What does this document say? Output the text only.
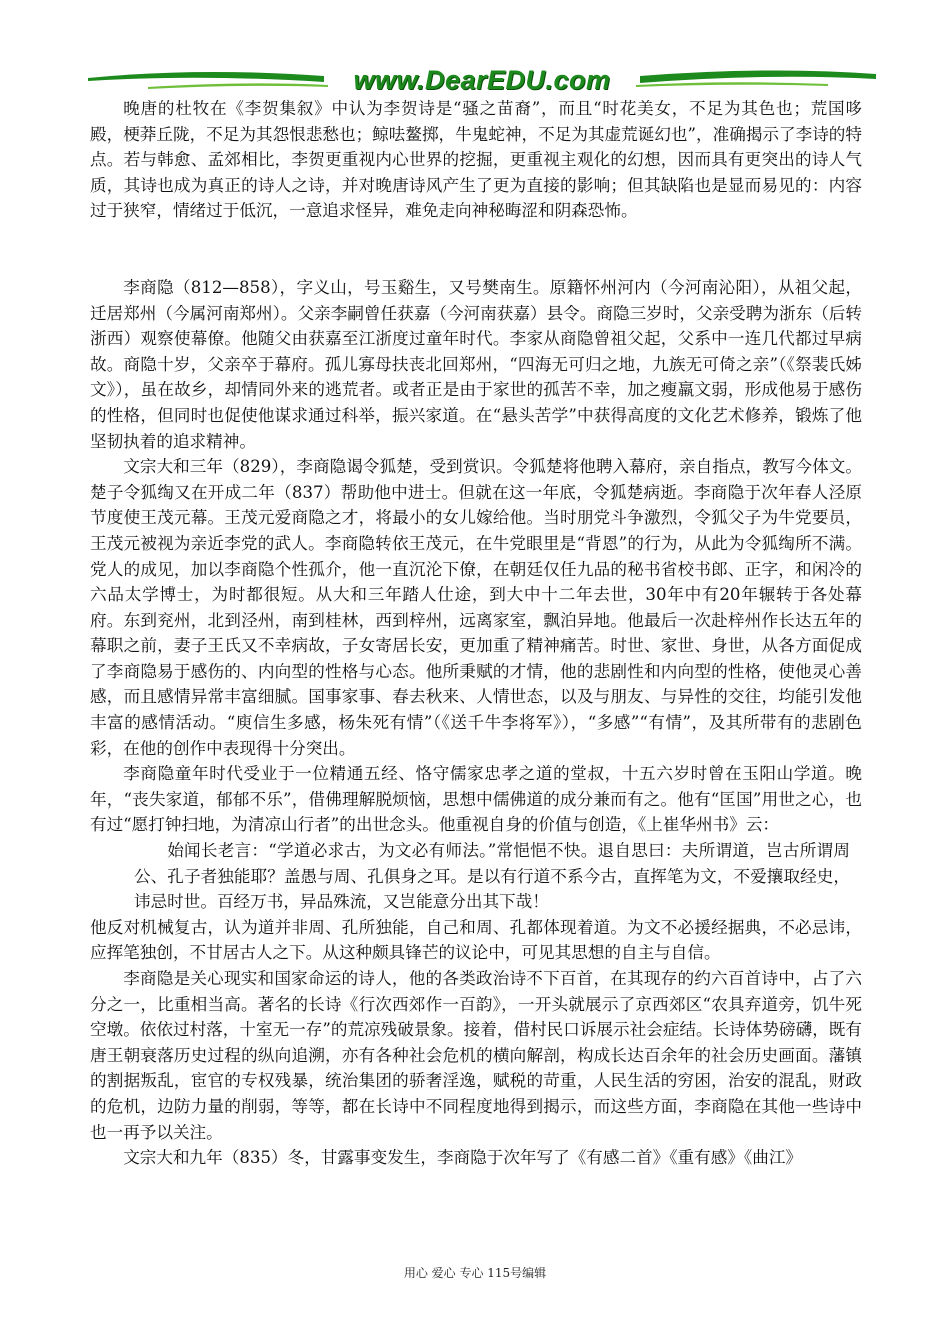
www.DearEDU.com

晚唐的杜牧在《李贺集叙》中认为李贺诗是“骚之苗裔”，而且“时花美女，不足为其色也；荒国哆殿，梗莽丘陇，不足为其怨恨悲愁也；鲸呿鳌掷，牛鬼蛇神，不足为其虚荒诞幻也”，准确揭示了李诗的特点。若与韩愈、孟郊相比，李贺更重视内心世界的挖掘，更重视主观化的幻想，因而具有更突出的诗人气质，其诗也成为真正的诗人之诗，并对晚唐诗风产生了更为直接的影响；但其缺陷也是显而易见的：内容过于狭窄，情绪过于低沉，一意追求怪异，难免走向神秘晦涩和阴森恐怖。

李商隐（812—858），字义山，号玉谿生，又号樊南生。原籍怀州河内（今河南沁阳），从祖父起，迁居郑州（今属河南郑州）。父亲李嗣曾任获嘉（今河南获嘉）县令。商隐三岁时，父亲受聘为浙东（后转浙西）观察使幕僚。他随父由获嘉至江浙度过童年时代。李家从商隐曾祖父起，父系中一连几代都过早病故。商隐十岁，父亲卒于幕府。孤儿寡母扶丧北回郑州，“四海无可归之地，九族无可倚之亲”（《祭裴氏姊文》），虽在故乡，却情同外来的逃荒者。或者正是由于家世的孤苦不幸，加之瘦羸文弱，形成他易于感伤的性格，但同时也促使他谋求通过科举，振兴家道。在“悬头苦学”中获得高度的文化艺术修养，锻炼了他坚韧执着的追求精神。

文宗大和三年（829），李商隐谒令狐楚，受到赏识。令狐楚将他聘入幕府，亲自指点，教写今体文。楚子令狐绹又在开成二年（837）帮助他中进士。但就在这一年底，令狐楚病逝。李商隐于次年春人泾原节度使王茂元幕。王茂元爱商隐之才，将最小的女儿嫁给他。当时朋党斗争激烈，令狐父子为牛党要员，王茂元被视为亲近李党的武人。李商隐转依王茂元，在牛党眼里是“背恩”的行为，从此为令狐绹所不满。党人的成见，加以李商隐个性孤介，他一直沉沦下僚，在朝廷仅任九品的秘书省校书郎、正字，和闲冷的六品太学博士，为时都很短。从大和三年踏人仕途，到大中十二年去世，30年中有20年辗转于各处幕府。东到兖州，北到泾州，南到桂林，西到梓州，远离家室，飘泊异地。他最后一次赴梓州作长达五年的幕职之前，妻子王氏又不幸病故，子女寄居长安，更加重了精神痛苦。时世、家世、身世，从各方面促成了李商隐易于感伤的、内向型的性格与心态。他所秉赋的才情，他的悲剧性和内向型的性格，使他灵心善感，而且感情异常丰富细腻。国事家事、春去秋来、人情世态，以及与朋友、与异性的交往，均能引发他丰富的感情活动。“庾信生多感，杨朱死有情”（《送千牛李将军》），“多感”“有情”，及其所带有的悲剧色彩，在他的创作中表现得十分突出。

李商隐童年时代受业于一位精通五经、恪守儒家忠孝之道的堂叔，十五六岁时曾在玉阳山学道。晚年，“丧失家道，郁郁不乐”，借佛理解脱烦恼，思想中儒佛道的成分兼而有之。他有“匡国”用世之心，也有过“愿打钟扫地，为清凉山行者”的出世念头。他重视自身的价值与创造，《上崔华州书》云：

始闻长老言：“学道必求古，为文必有师法。”常悒悒不快。退自思曰：夫所谓道，岂古所谓周公、孔子者独能耶？盖愚与周、孔俱身之耳。是以有行道不系今古，直挥笔为文，不爱攘取经史，讳忌时世。百经万书，异品殊流，又岂能意分出其下哉！

他反对机械复古，认为道并非周、孔所独能，自己和周、孔都体现着道。为文不必援经据典，不必忌讳，应挥笔独创，不甘居古人之下。从这种颇具锋芒的议论中，可见其思想的自主与自信。

李商隐是关心现实和国家命运的诗人，他的各类政治诗不下百首，在其现存的约六百首诗中，占了六分之一，比重相当高。著名的长诗《行次西郊作一百韵》，一开头就展示了京西郊区“农具弃道旁，饥牛死空墩。依依过村落，十室无一存”的荒凉残破景象。接着，借村民口诉展示社会症结。长诗体势磅礴，既有唐王朝衰落历史过程的纵向追溯，亦有各种社会危机的横向解剖，构成长达百余年的社会历史画面。藩镇的割据叛乱，宦官的专权残暴，统治集团的骄奢淫逸，赋税的苛重，人民生活的穷困，治安的混乱，财政的危机，边防力量的削弱，等等，都在长诗中不同程度地得到揭示，而这些方面，李商隐在其他一些诗中也一再予以关注。

文宗大和九年（835）冬，甘露事变发生，李商隐于次年写了《有感二首》《重有感》《曲江》

用心 爱心 专心 115号编辑
